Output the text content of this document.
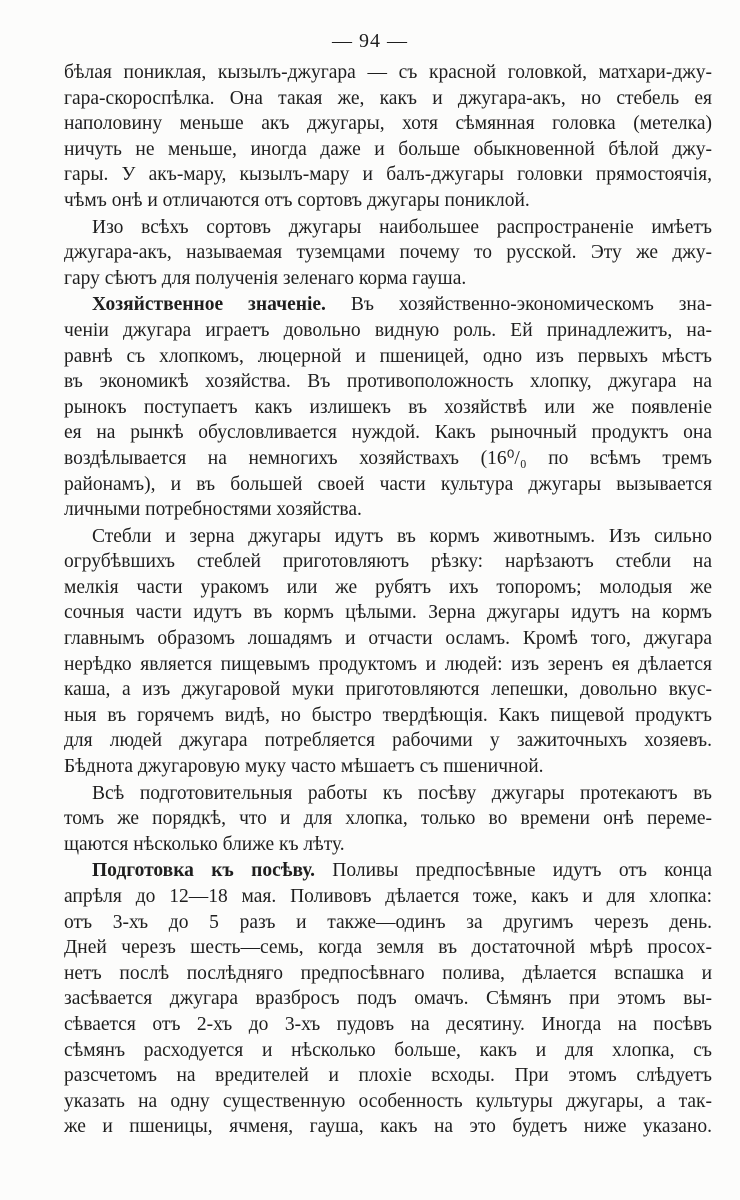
— 94 —
бѣлая пониклая, кызылъ-джугара — съ красной головкой, матхари-джу-
гара-скороспѣлка. Она такая же, какъ и джугара-акъ, но стебель ея
наполовину меньше акъ джугары, хотя сѣмянная головка (метелка)
ничуть не меньше, иногда даже и больше обыкновенной бѣлой джу-
гары. У акъ-мару, кызылъ-мару и балъ-джугары головки прямостоячія,
чѣмъ онѣ и отличаются отъ сортовъ джугары пониклой.
Изо всѣхъ сортовъ джугары наибольшее распространеніе имѣетъ
джугара-акъ, называемая туземцами почему то русской. Эту же джу-
гару сѣютъ для полученія зеленаго корма гауша.
Хозяйственное значеніе. Въ хозяйственно-экономическомъ зна-
ченіи джугара играетъ довольно видную роль. Ей принадлежитъ, на-
равнѣ съ хлопкомъ, люцерной и пшеницей, одно изъ первыхъ мѣстъ
въ экономикѣ хозяйства. Въ противоположность хлопку, джугара на
рынокъ поступаетъ какъ излишекъ въ хозяйствѣ или же появленіе
ея на рынкѣ обусловливается нуждой. Какъ рыночный продуктъ она
воздѣлывается на немногихъ хозяйствахъ (16⁰/₀ по всѣмъ тремъ
районамъ), и въ большей своей части культура джугары вызывается
личными потребностями хозяйства.
Стебли и зерна джугары идутъ въ кормъ животнымъ. Изъ сильно
огрубѣвшихъ стеблей приготовляютъ рѣзку: нарѣзаютъ стебли на
мелкія части уракомъ или же рубятъ ихъ топоромъ; молодыя же
сочныя части идутъ въ кормъ цѣлыми. Зерна джугары идутъ на кормъ
главнымъ образомъ лошадямъ и отчасти осламъ. Кромѣ того, джугара
нерѣдко является пищевымъ продуктомъ и людей: изъ зеренъ ея дѣлается
каша, а изъ джугаровой муки приготовляются лепешки, довольно вкус-
ныя въ горячемъ видѣ, но быстро твердѣющія. Какъ пищевой продуктъ
для людей джугара потребляется рабочими у зажиточныхъ хозяевъ.
Бѣднота джугаровую муку часто мѣшаетъ съ пшеничной.
Всѣ подготовительныя работы къ посѣву джугары протекаютъ въ
томъ же порядкѣ, что и для хлопка, только во времени онѣ переме-
щаются нѣсколько ближе къ лѣту.
Подготовка къ посѣву. Поливы предпосѣвные идутъ отъ конца
апрѣля до 12—18 мая. Поливовъ дѣлается тоже, какъ и для хлопка:
отъ 3-хъ до 5 разъ и также—одинъ за другимъ черезъ день.
Дней черезъ шесть—семь, когда земля въ достаточной мѣрѣ просох-
нетъ послѣ послѣдняго предпосѣвнаго полива, дѣлается вспашка и
засѣвается джугара вразбросъ подъ омачъ. Сѣмянъ при этомъ вы-
сѣвается отъ 2-хъ до 3-хъ пудовъ на десятину. Иногда на посѣвъ
сѣмянъ расходуется и нѣсколько больше, какъ и для хлопка, съ
разсчетомъ на вредителей и плохіе всходы. При этомъ слѣдуетъ
указать на одну существенную особенность культуры джугары, а так-
же и пшеницы, ячменя, гауша, какъ на это будетъ ниже указано.
